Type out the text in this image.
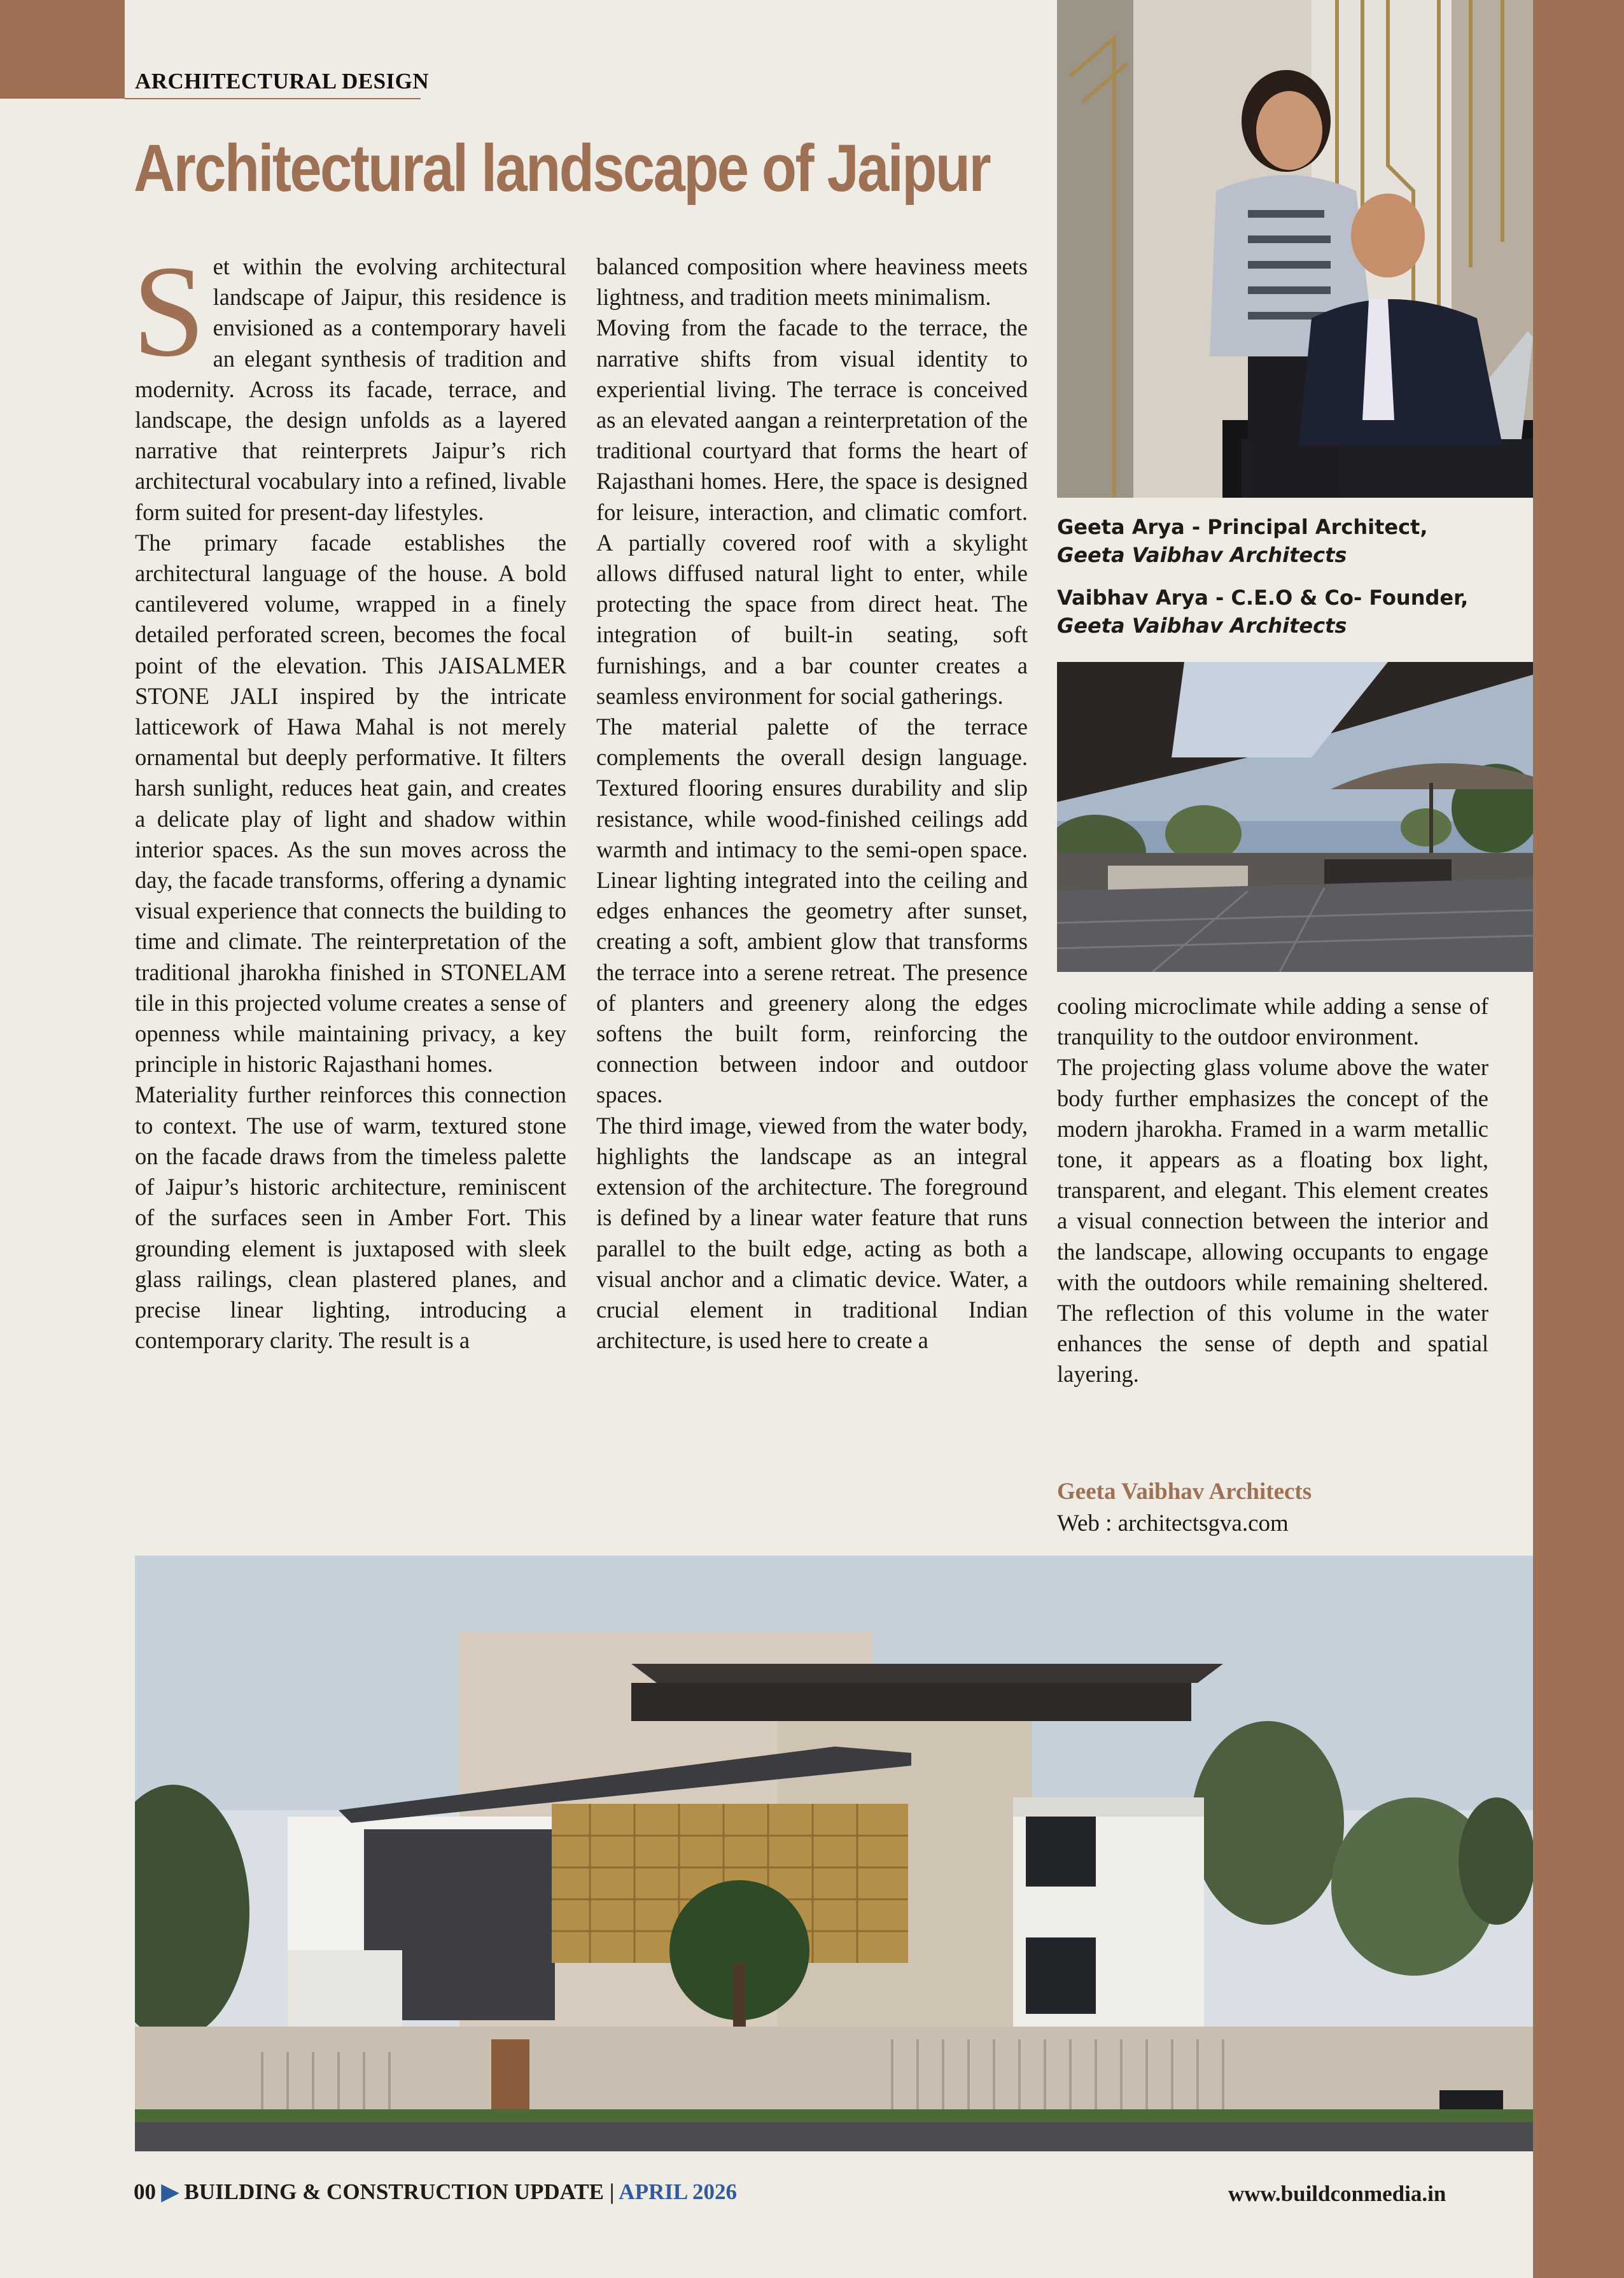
ARCHITECTURAL DESIGN
Architectural landscape of Jaipur
S et within the evolving architectural landscape of Jaipur, this residence is envisioned as a contemporary haveli an elegant synthesis of tradition and modernity. Across its facade, terrace, and landscape, the design unfolds as a layered narrative that reinterprets Jaipur’s rich architectural vocabulary into a refined, livable form suited for present-day lifestyles.

The primary facade establishes the architectural language of the house. A bold cantilevered volume, wrapped in a finely detailed perforated screen, becomes the focal point of the elevation. This JAISALMER STONE JALI inspired by the intricate latticework of Hawa Mahal is not merely ornamental but deeply performative. It filters harsh sunlight, reduces heat gain, and creates a delicate play of light and shadow within interior spaces. As the sun moves across the day, the facade transforms, offering a dynamic visual experience that connects the building to time and climate. The reinterpretation of the traditional jharokha finished in STONELAM tile in this projected volume creates a sense of openness while maintaining privacy, a key principle in historic Rajasthani homes.

Materiality further reinforces this connection to context. The use of warm, textured stone on the facade draws from the timeless palette of Jaipur’s historic architecture, reminiscent of the surfaces seen in Amber Fort. This grounding element is juxtaposed with sleek glass railings, clean plastered planes, and precise linear lighting, introducing a contemporary clarity. The result is a

balanced composition where heaviness meets lightness, and tradition meets minimalism.

Moving from the facade to the terrace, the narrative shifts from visual identity to experiential living. The terrace is conceived as an elevated aangan a reinterpretation of the traditional courtyard that forms the heart of Rajasthani homes. Here, the space is designed for leisure, interaction, and climatic comfort. A partially covered roof with a skylight allows diffused natural light to enter, while protecting the space from direct heat. The integration of built-in seating, soft furnishings, and a bar counter creates a seamless environment for social gatherings.

The material palette of the terrace complements the overall design language. Textured flooring ensures durability and slip resistance, while wood-finished ceilings add warmth and intimacy to the semi-open space. Linear lighting integrated into the ceiling and edges enhances the geometry after sunset, creating a soft, ambient glow that transforms the terrace into a serene retreat. The presence of planters and greenery along the edges softens the built form, reinforcing the connection between indoor and outdoor spaces.

The third image, viewed from the water body, highlights the landscape as an integral extension of the architecture. The foreground is defined by a linear water feature that runs parallel to the built edge, acting as both a visual anchor and a climatic device. Water, a crucial element in traditional Indian architecture, is used here to create a

Geeta Arya - Principal Architect,
Geeta Vaibhav Architects
Vaibhav Arya - C.E.O & Co- Founder,
Geeta Vaibhav Architects

cooling microclimate while adding a sense of tranquility to the outdoor environment.

The projecting glass volume above the water body further emphasizes the concept of the modern jharokha. Framed in a warm metallic tone, it appears as a floating box light, transparent, and elegant. This element creates a visual connection between the interior and the landscape, allowing occupants to engage with the outdoors while remaining sheltered. The reflection of this volume in the water enhances the sense of depth and spatial layering.

Geeta Vaibhav Architects
Web : architectsgva.com
00 ▶ BUILDING & CONSTRUCTION UPDATE | APRIL 2026	www.buildconmedia.in
